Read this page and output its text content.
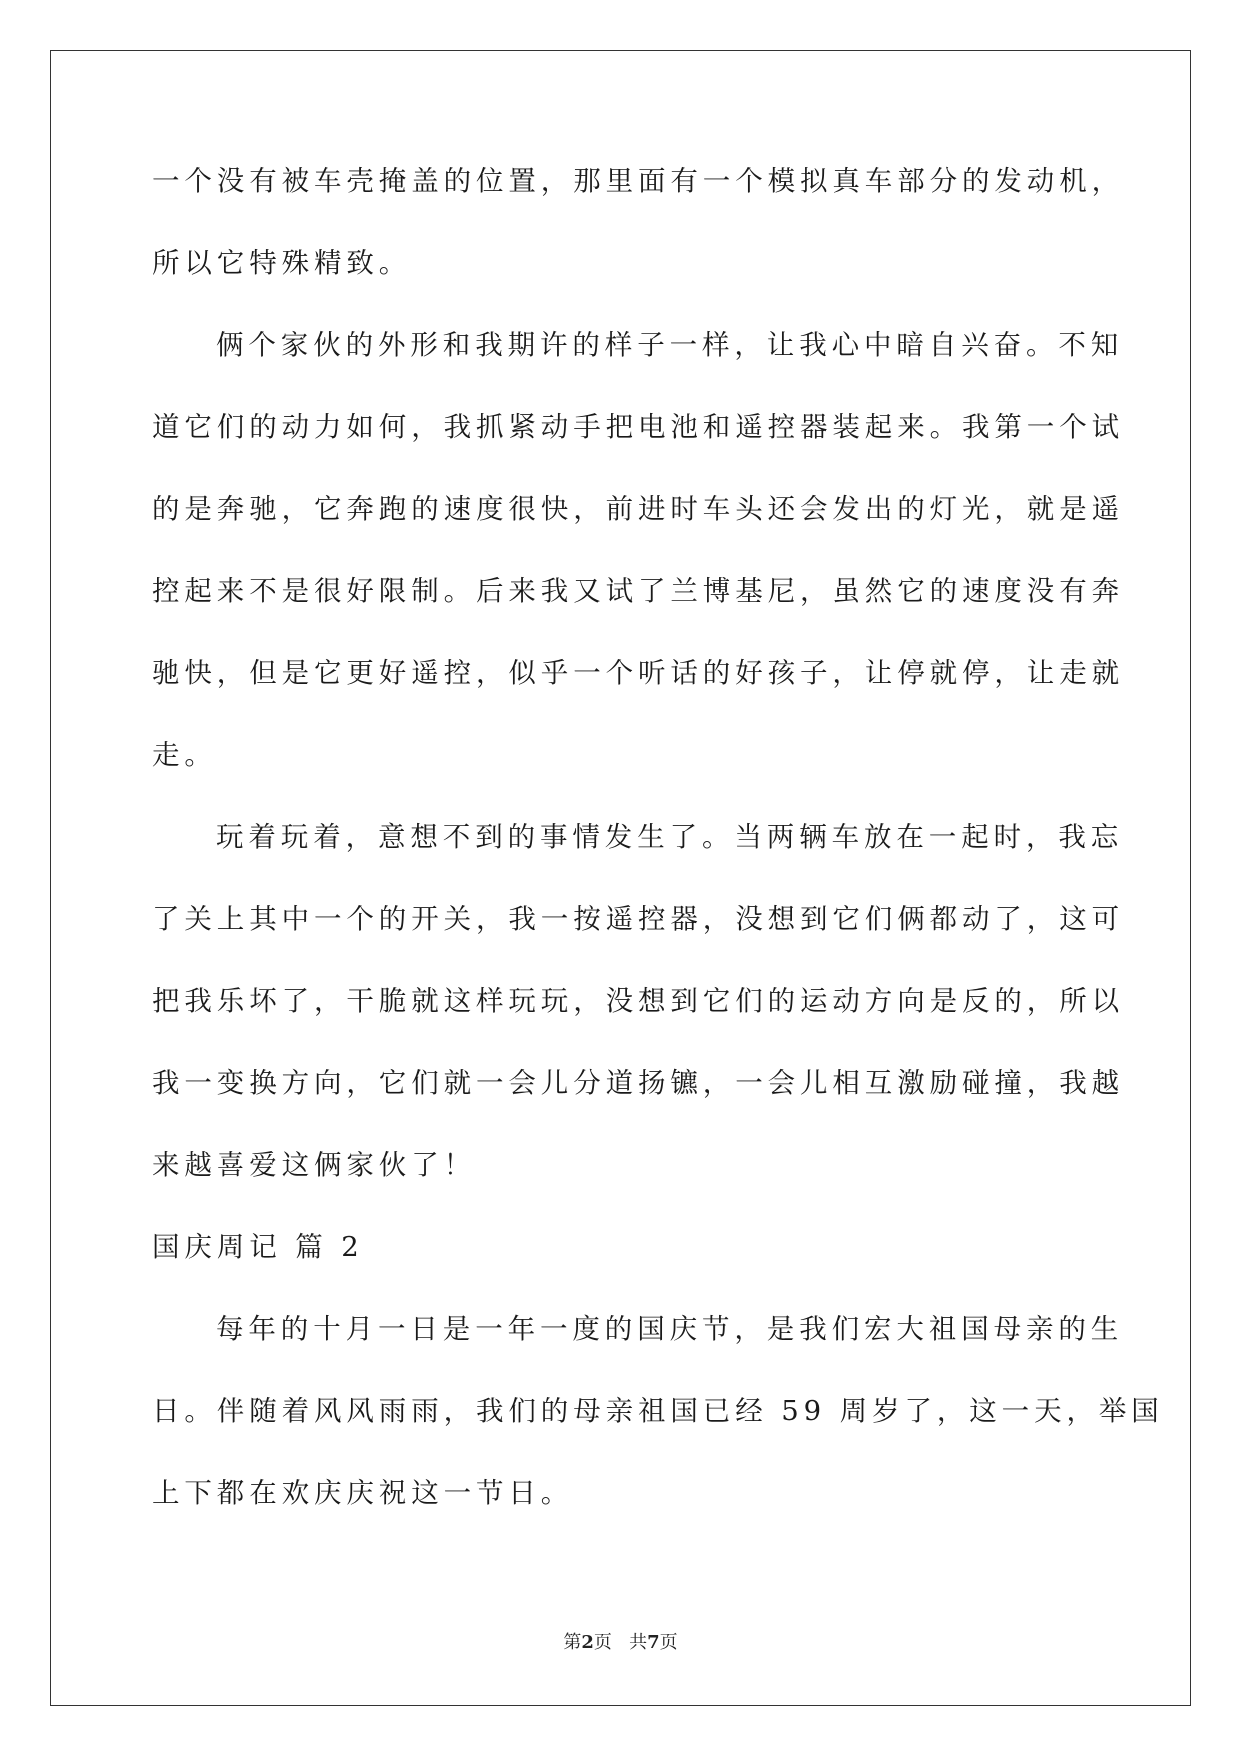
一个没有被车壳掩盖的位置，那里面有一个模拟真车部分的发动机，
所以它特殊精致。
俩个家伙的外形和我期许的样子一样，让我心中暗自兴奋。不知
道它们的动力如何，我抓紧动手把电池和遥控器装起来。我第一个试
的是奔驰，它奔跑的速度很快，前进时车头还会发出的灯光，就是遥
控起来不是很好限制。后来我又试了兰博基尼，虽然它的速度没有奔
驰快，但是它更好遥控，似乎一个听话的好孩子，让停就停，让走就
走。
玩着玩着，意想不到的事情发生了。当两辆车放在一起时，我忘
了关上其中一个的开关，我一按遥控器，没想到它们俩都动了，这可
把我乐坏了，干脆就这样玩玩，没想到它们的运动方向是反的，所以
我一变换方向，它们就一会儿分道扬镳，一会儿相互激励碰撞，我越
来越喜爱这俩家伙了！
国庆周记 篇 2
每年的十月一日是一年一度的国庆节，是我们宏大祖国母亲的生
日。伴随着风风雨雨，我们的母亲祖国已经 59 周岁了，这一天，举国
上下都在欢庆庆祝这一节日。
第2页   共7页
